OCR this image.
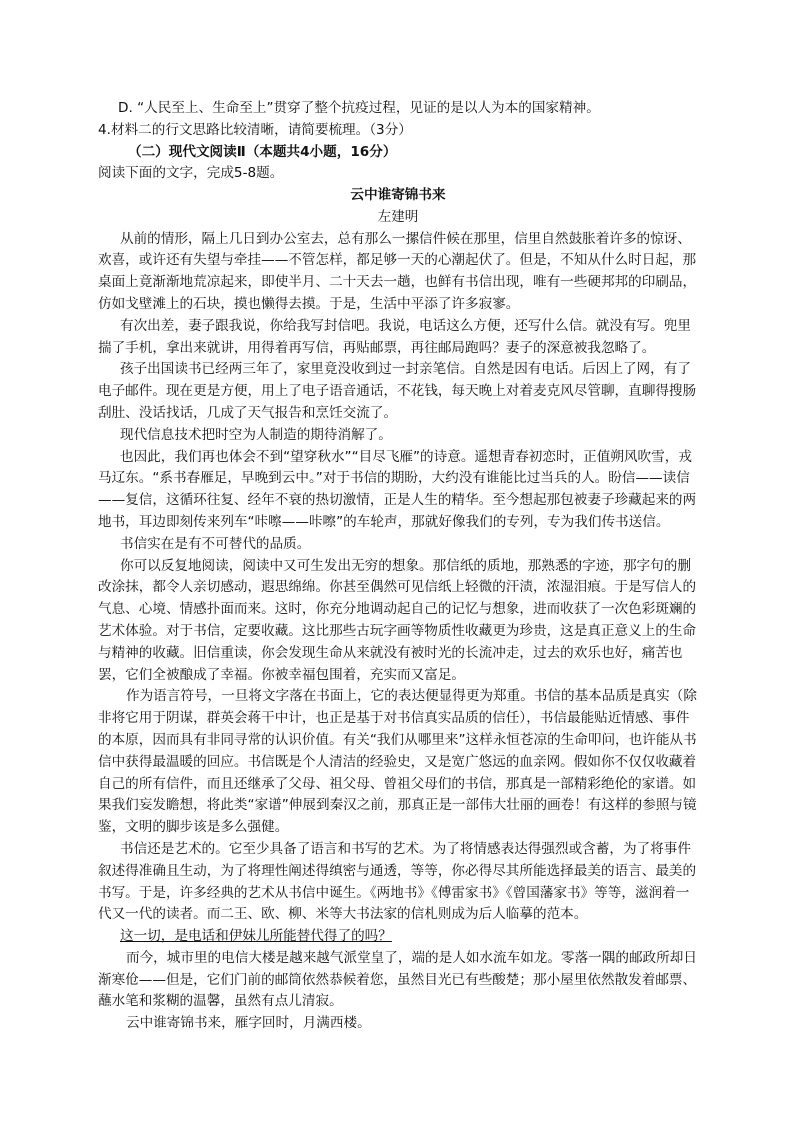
D. “人民至上、生命至上”贯穿了整个抗疫过程，见证的是以人为本的国家精神。

4.材料二的行文思路比较清晰，请简要梳理。（3分）

（二）现代文阅读Ⅱ（本题共4小题，16分）

阅读下面的文字，完成5-8题。

云中谁寄锦书来

左建明

从前的情形，隔上几日到办公室去，总有那么一摞信件候在那里，信里自然鼓胀着许多的惊讶、欢喜，或许还有失望与牵挂——不管怎样，都足够一天的心潮起伏了。但是，不知从什么时日起，那桌面上竟渐渐地荒凉起来，即使半月、二十天去一趟，也鲜有书信出现，唯有一些硬邦邦的印刷品，仿如戈壁滩上的石块，摸也懒得去摸。于是，生活中平添了许多寂寥。

有次出差，妻子跟我说，你给我写封信吧。我说，电话这么方便，还写什么信。就没有写。兜里揣了手机，拿出来就讲，用得着再写信，再贴邮票，再往邮局跑吗？妻子的深意被我忽略了。

孩子出国读书已经两三年了，家里竟没收到过一封亲笔信。自然是因有电话。后因上了网，有了电子邮件。现在更是方便，用上了电子语音通话，不花钱，每天晚上对着麦克风尽管聊，直聊得搜肠刮肚、没话找话，几成了天气报告和烹饪交流了。

现代信息技术把时空为人制造的期待消解了。

也因此，我们再也体会不到“望穿秋水”“目尽飞雁”的诗意。遥想青春初恋时，正值朔风吹雪，戎马辽东。“系书春雁足，早晚到云中。”对于书信的期盼，大约没有谁能比过当兵的人。盼信——读信——复信，这循环往复、经年不衰的热切激情，正是人生的精华。至今想起那包被妻子珍藏起来的两地书，耳边即刻传来列车“咔嚓——咔嚓”的车轮声，那就好像我们的专列，专为我们传书送信。

书信实在是有不可替代的品质。

你可以反复地阅读，阅读中又可生发出无穷的想象。那信纸的质地，那熟悉的字迹，那字句的删改涂抹，都令人亲切感动，遐思绵绵。你甚至偶然可见信纸上轻微的汗渍，浓湿泪痕。于是写信人的气息、心境、情感扑面而来。这时，你充分地调动起自己的记忆与想象，进而收获了一次色彩斑斓的艺术体验。对于书信，定要收藏。这比那些古玩字画等物质性收藏更为珍贵，这是真正意义上的生命与精神的收藏。旧信重读，你会发现生命从来就没有被时光的长流冲走，过去的欢乐也好，痛苦也罢，它们全被酿成了幸福。你被幸福包围着，充实而又富足。

作为语言符号，一旦将文字落在书面上，它的表达便显得更为郑重。书信的基本品质是真实（除非将它用于阴谋，群英会蒋干中计，也正是基于对书信真实品质的信任），书信最能贴近情感、事件的本原，因而具有非同寻常的认识价值。有关“我们从哪里来”这样永恒苍凉的生命叩问，也许能从书信中获得最温暖的回应。书信既是个人清洁的经验史，又是宽广悠远的血亲网。假如你不仅仅收藏着自己的所有信件，而且还继承了父母、祖父母、曾祖父母们的书信，那真是一部精彩绝伦的家谱。如果我们妄发瞻想，将此类“家谱”伸展到秦汉之前，那真正是一部伟大壮丽的画卷！有这样的参照与镜鉴，文明的脚步该是多么强健。

书信还是艺术的。它至少具备了语言和书写的艺术。为了将情感表达得强烈或含蓄，为了将事件叙述得准确且生动，为了将理性阐述得缜密与通透，等等，你必得尽其所能选择最美的语言、最美的书写。于是，许多经典的艺术从书信中诞生。《两地书》《傅雷家书》《曾国藩家书》等等，滋润着一代又一代的读者。而二王、欧、柳、米等大书法家的信札则成为后人临摹的范本。

这一切，是电话和伊妹儿所能替代得了的吗？

而今，城市里的电信大楼是越来越气派堂皇了，端的是人如水流车如龙。零落一隅的邮政所却日渐寒伧——但是，它们门前的邮筒依然恭候着您，虽然目光已有些酸楚；那小屋里依然散发着邮票、蘸水笔和浆糊的温馨，虽然有点儿清寂。

云中谁寄锦书来，雁字回时，月满西楼。
